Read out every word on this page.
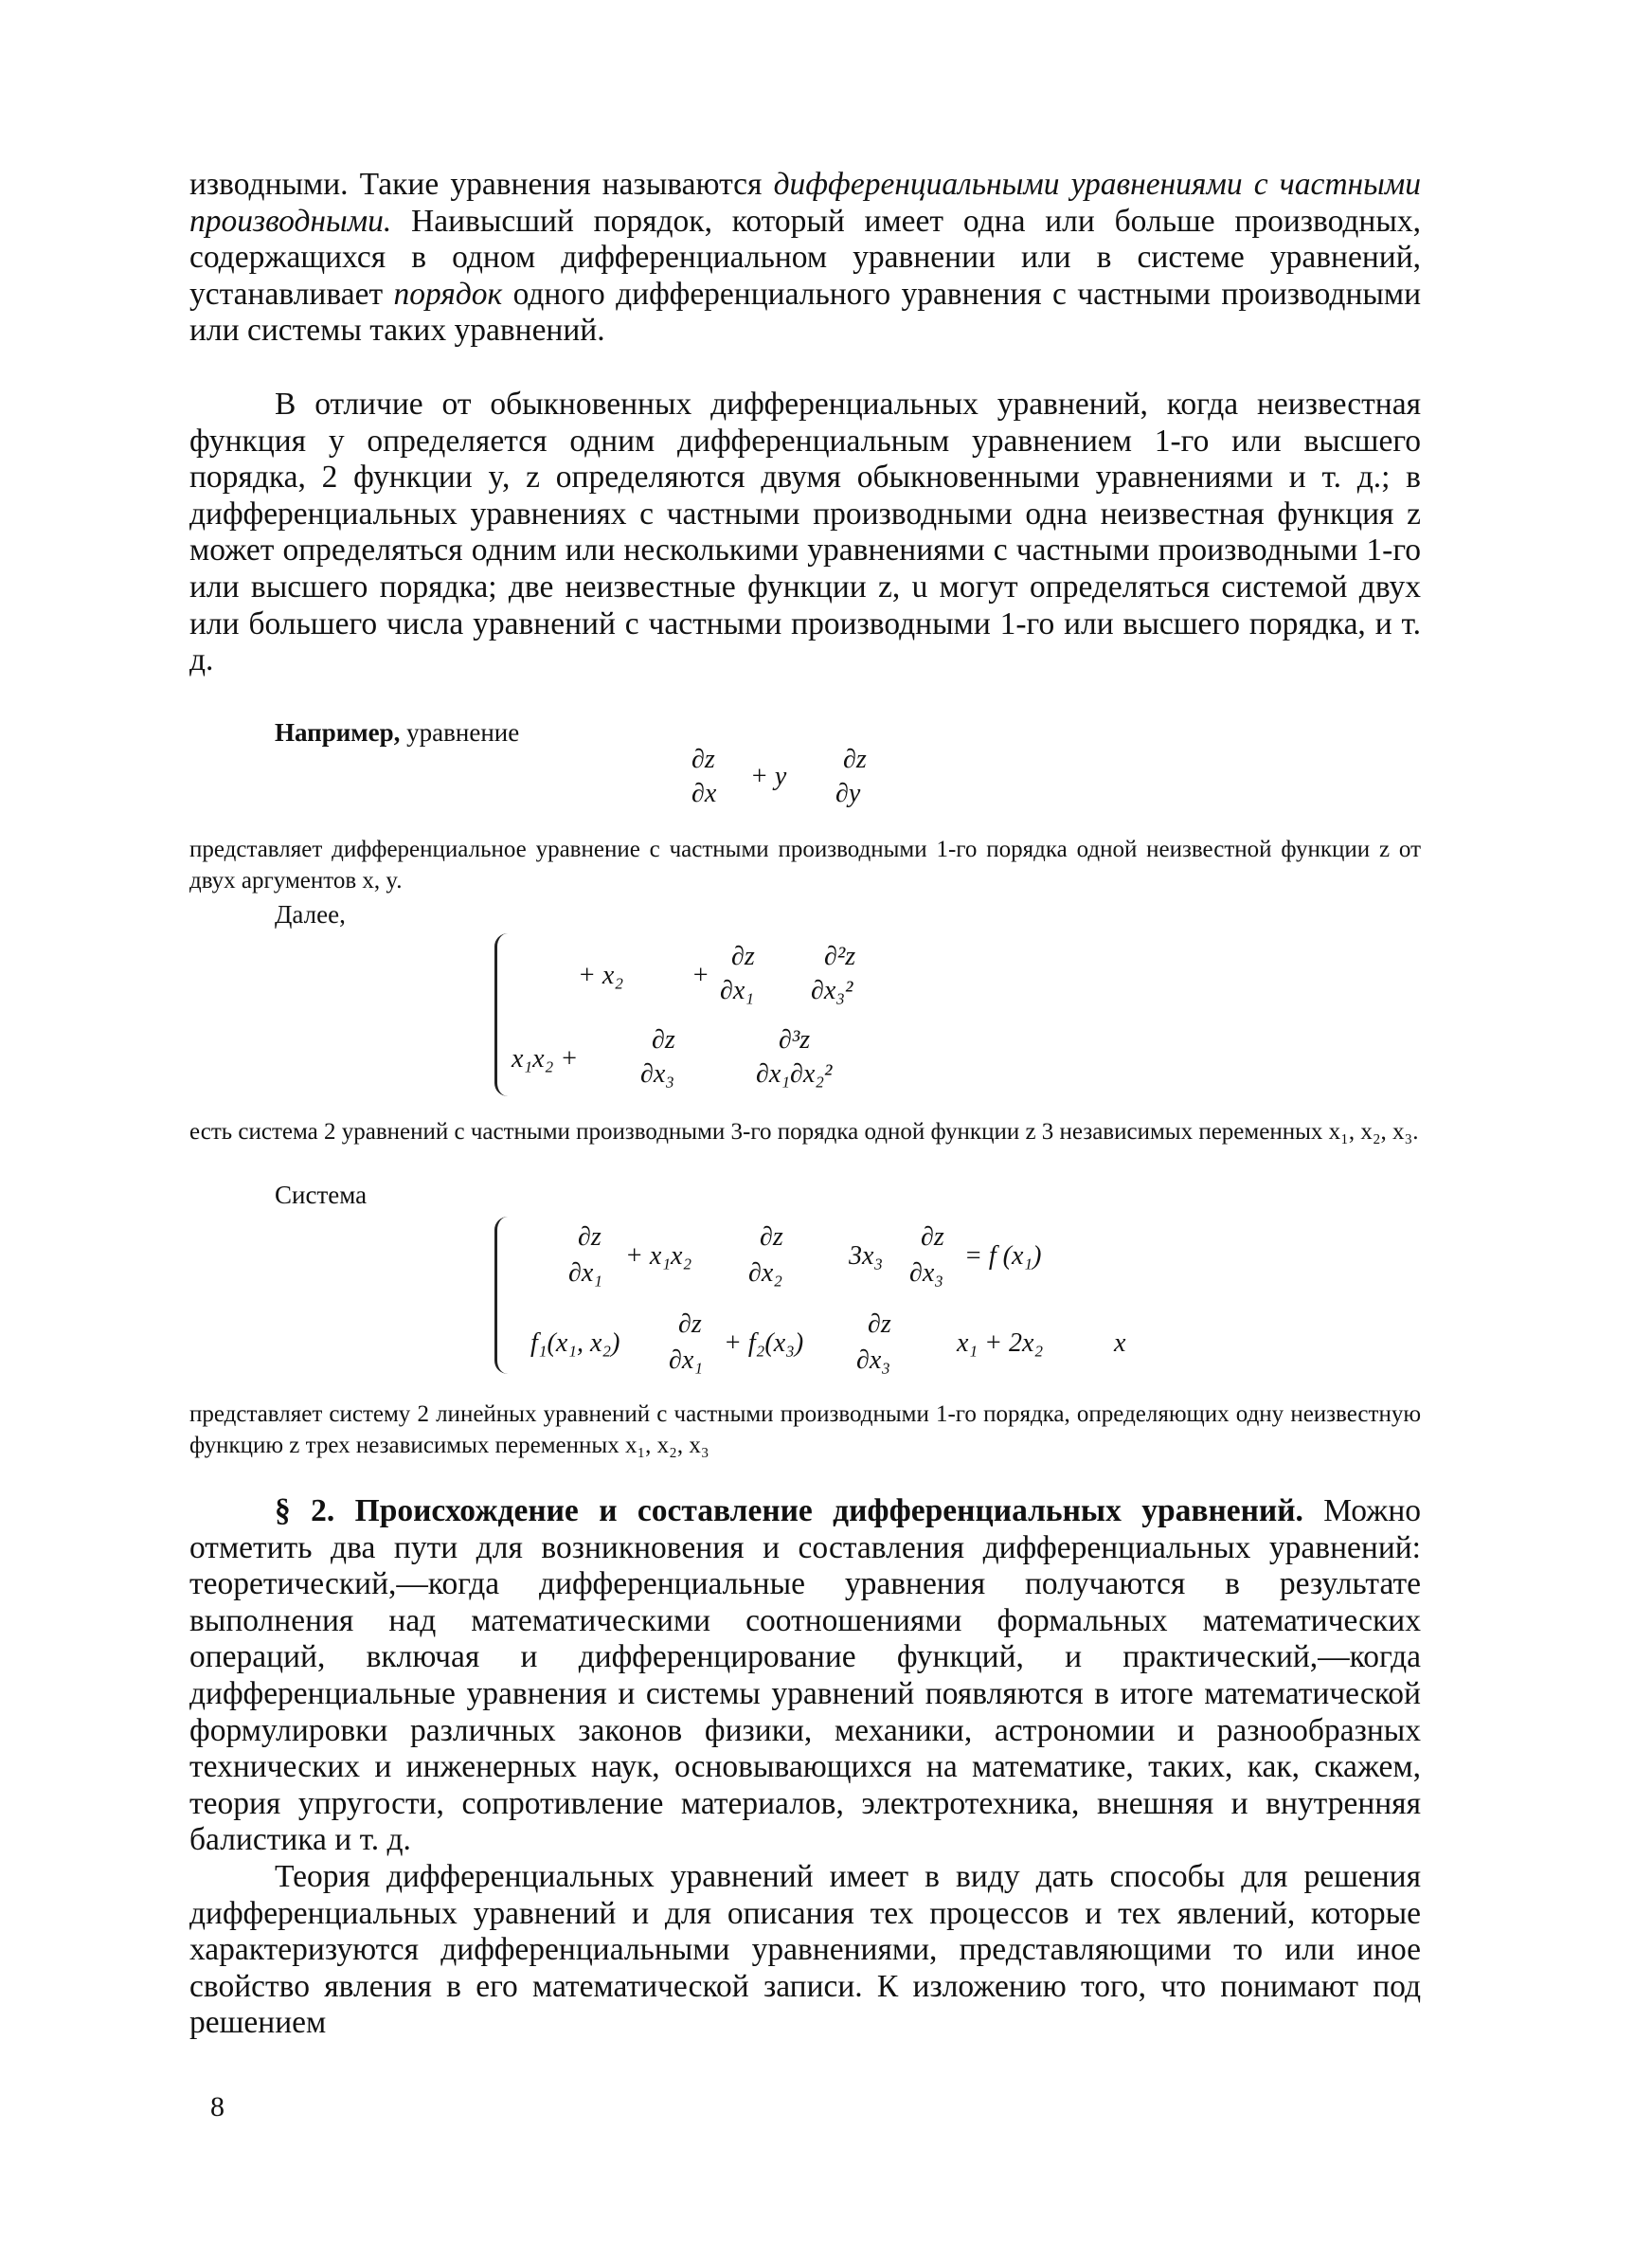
изводными. Такие уравнения называются дифференциальными уравнениями с частными производными. Наивысший порядок, который имеет одна или больше производных, содержащихся в одном дифференциальном уравнении или в системе уравнений, устанавливает порядок одного дифференциального уравнения с частными производными или системы таких уравнений.

В отличие от обыкновенных дифференциальных уравнений, когда неизвестная функция y определяется одним дифференциальным уравнением 1-го или высшего порядка, 2 функции y, z определяются двумя обыкновенными уравнениями и т. д.; в дифференциальных уравнениях с частными производными одна неизвестная функция z может определяться одним или несколькими уравнениями с частными производными 1-го или высшего порядка; две неизвестные функции z, u могут определяться системой двух или большего числа уравнений с частными производными 1-го или высшего порядка, и т. д.

Например, уравнение

∂z
∂x
+ y
∂z
∂y

представляет дифференциальное уравнение с частными производными 1-го порядка одной неизвестной функции z от двух аргументов x, y.

Далее,

+ x₂	+
∂z
∂x₁
∂²z
∂x₃²
x₁x₂ +
∂z
∂x₃
∂³z
∂x₁∂x₂²

есть система 2 уравнений с частными производными 3-го порядка одной функции z 3 независимых переменных x₁, x₂, x₃.

Система

∂z
∂x₁
+ x₁x₂
∂z
∂x₂
3x₃
∂z
∂x₃
= f (x₁)
f₁(x₁, x₂)
∂z
∂x₁
+ f₂(x₃)
∂z
∂x₃
x₁ + 2x₂	x

представляет систему 2 линейных уравнений с частными производными 1-го порядка, определяющих одну неизвестную функцию z трех независимых переменных x₁, x₂, x₃

§ 2. Происхождение и составление дифференциальных уравнений. Можно отметить два пути для возникновения и составления дифференциальных уравнений: теоретический,—когда дифференциальные уравнения получаются в результате выполнения над математическими соотношениями формальных математических операций, включая и дифференцирование функций, и практический,—когда дифференциальные уравнения и системы уравнений появляются в итоге математической формулировки различных законов физики, механики, астрономии и разнообразных технических и инженерных наук, основывающихся на математике, таких, как, скажем, теория упругости, сопротивление материалов, электротехника, внешняя и внутренняя балистика и т. д.

Теория дифференциальных уравнений имеет в виду дать способы для решения дифференциальных уравнений и для описания тех процессов и тех явлений, которые характеризуются дифференциальными уравнениями, представляющими то или иное свойство явления в его математической записи. К изложению того, что понимают под решением

8
